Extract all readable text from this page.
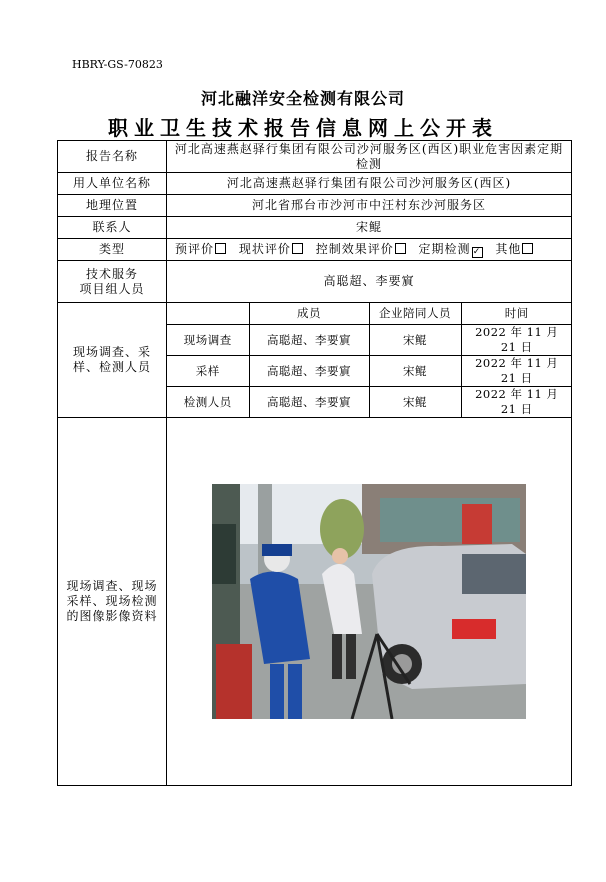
HBRY-GS-70823
河北融洋安全检测有限公司
职业卫生技术报告信息网上公开表
报告名称	河北高速燕赵驿行集团有限公司沙河服务区(西区)职业危害因素定期检测
用人单位名称	河北高速燕赵驿行集团有限公司沙河服务区(西区)
地理位置	河北省邢台市沙河市中汪村东沙河服务区
联系人	宋鲲
类型	预评价 现状评价 控制效果评价 定期检测 ✓ 其他

技术服务
项目组人员
	高聪超、李要賔
现场调查、采样、检测人员	
	成员	企业陪同人员	时间
现场调查	高聪超、李要賔	宋鲲	2022 年 11 月 21 日
采样	高聪超、李要賔	宋鲲	2022 年 11 月 21 日
检测人员	高聪超、李要賔	宋鲲	2022 年 11 月 21 日

现场调查、现场采样、现场检测的图像影像资料	
